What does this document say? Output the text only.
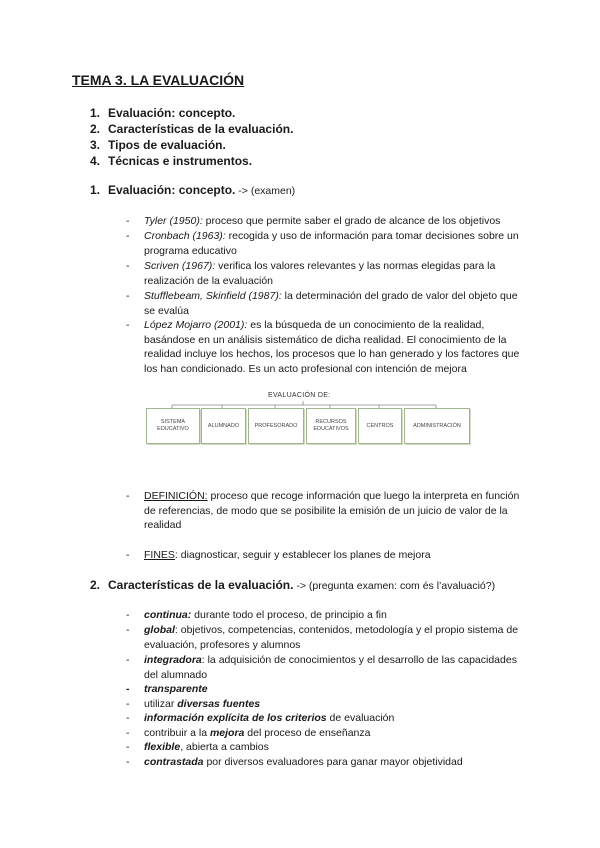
TEMA 3. LA EVALUACIÓN
1. Evaluación: concepto.
2. Características de la evaluación.
3. Tipos de evaluación.
4. Técnicas e instrumentos.
1. Evaluación: concepto. -> (examen)
- Tyler (1950): proceso que permite saber el grado de alcance de los objetivos
- Cronbach (1963): recogida y uso de información para tomar decisiones sobre un programa educativo
- Scriven (1967): verifica los valores relevantes y las normas elegidas para la realización de la evaluación
- Stufflebeam, Skinfield (1987): la determinación del grado de valor del objeto que se evalúa
- López Mojarro (2001): es la búsqueda de un conocimiento de la realidad, basándose en un análisis sistemático de dicha realidad. El conocimiento de la realidad incluye los hechos, los procesos que lo han generado y los factores que los han condicionado. Es un acto profesional con intención de mejora
EVALUACIÓN DE:
SISTEMA EDUCATIVO
ALUMNADO	PROFESORADO
RECURSOS EDUCATIVOS
CENTROS	ADMINISTRACIÓN
- DEFINICIÓN: proceso que recoge información que luego la interpreta en función de referencias, de modo que se posibilite la emisión de un juicio de valor de la realidad
- FINES: diagnosticar, seguir y establecer los planes de mejora
2. Características de la evaluación. -> (pregunta examen: com és l’avaluació?)
- continua: durante todo el proceso, de principio a fin
- global: objetivos, competencias, contenidos, metodología y el propio sistema de evaluación, profesores y alumnos
- integradora: la adquisición de conocimientos y el desarrollo de las capacidades del alumnado
- transparente
- utilizar diversas fuentes
- información explícita de los criterios de evaluación
- contribuir a la mejora del proceso de enseñanza
- flexible, abierta a cambios
- contrastada por diversos evaluadores para ganar mayor objetividad
